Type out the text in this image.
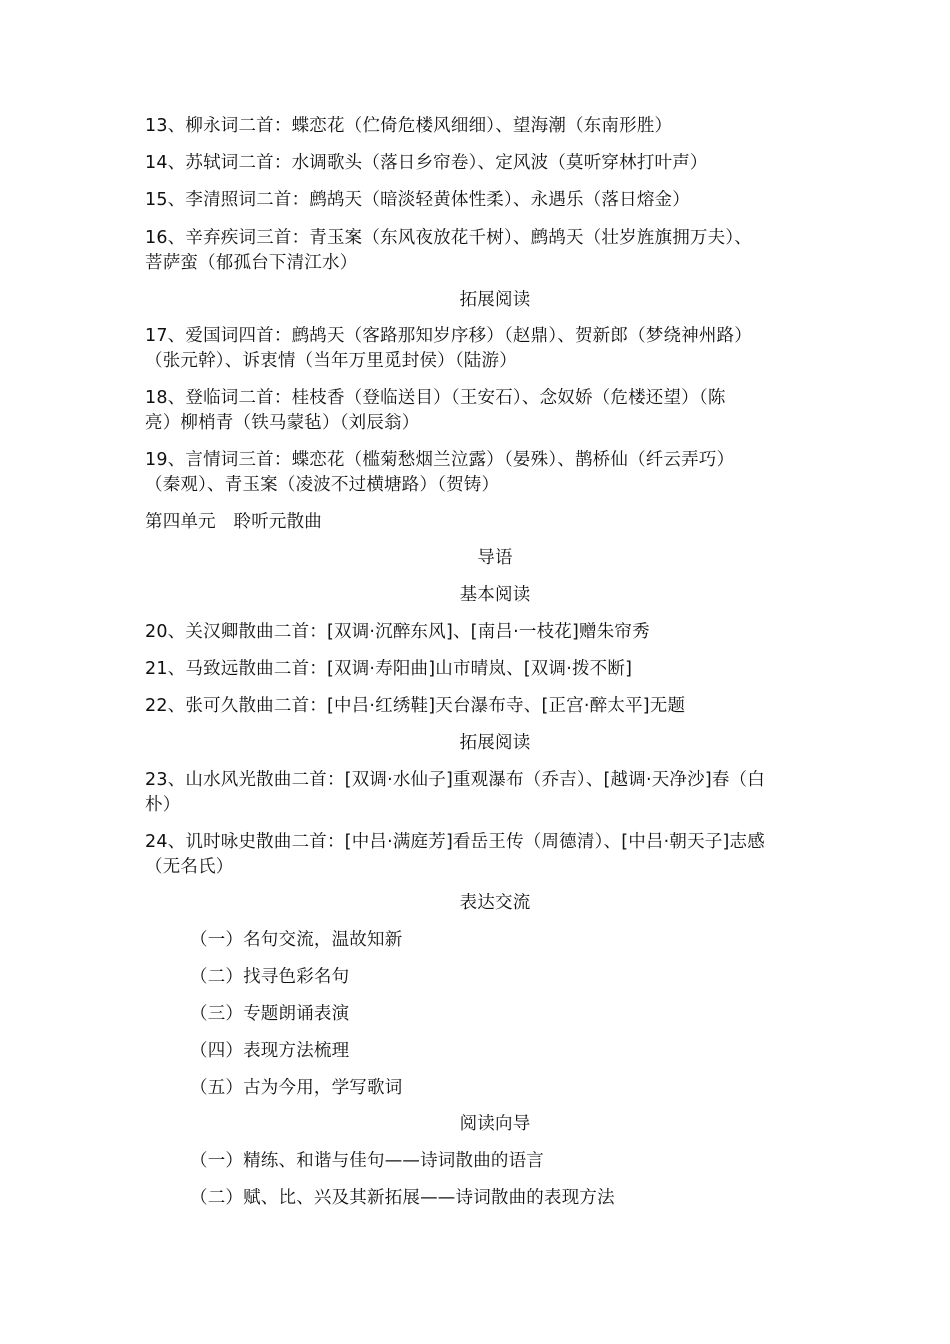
13、柳永词二首：蝶恋花（伫倚危楼风细细）、望海潮（东南形胜）
14、苏轼词二首：水调歌头（落日乡帘卷）、定风波（莫听穿林打叶声）
15、李清照词二首：鹧鸪天（暗淡轻黄体性柔）、永遇乐（落日熔金）
16、辛弃疾词三首：青玉案（东风夜放花千树）、鹧鸪天（壮岁旌旗拥万夫）、
菩萨蛮（郁孤台下清江水）
拓展阅读
17、爱国词四首：鹧鸪天（客路那知岁序移）（赵鼎）、贺新郎（梦绕神州路）
（张元幹）、诉衷情（当年万里觅封侯）（陆游）
18、登临词二首：桂枝香（登临送目）（王安石）、念奴娇（危楼还望）（陈
亮）柳梢青（铁马蒙毡）（刘辰翁）
19、言情词三首：蝶恋花（槛菊愁烟兰泣露）（晏殊）、鹊桥仙（纤云弄巧）
（秦观）、青玉案（凌波不过横塘路）（贺铸）
第四单元　聆听元散曲
导语
基本阅读
20、关汉卿散曲二首：[双调·沉醉东风]、[南吕·一枝花]赠朱帘秀
21、马致远散曲二首：[双调·寿阳曲]山市晴岚、[双调·拨不断]
22、张可久散曲二首：[中吕·红绣鞋]天台瀑布寺、[正宫·醉太平]无题
拓展阅读
23、山水风光散曲二首：[双调·水仙子]重观瀑布（乔吉）、[越调·天净沙]春（白
朴）
24、讥时咏史散曲二首：[中吕·满庭芳]看岳王传（周德清）、[中吕·朝天子]志感
（无名氏）
表达交流
（一）名句交流，温故知新
（二）找寻色彩名句
（三）专题朗诵表演
（四）表现方法梳理
（五）古为今用，学写歌词
阅读向导
（一）精练、和谐与佳句——诗词散曲的语言
（二）赋、比、兴及其新拓展——诗词散曲的表现方法
